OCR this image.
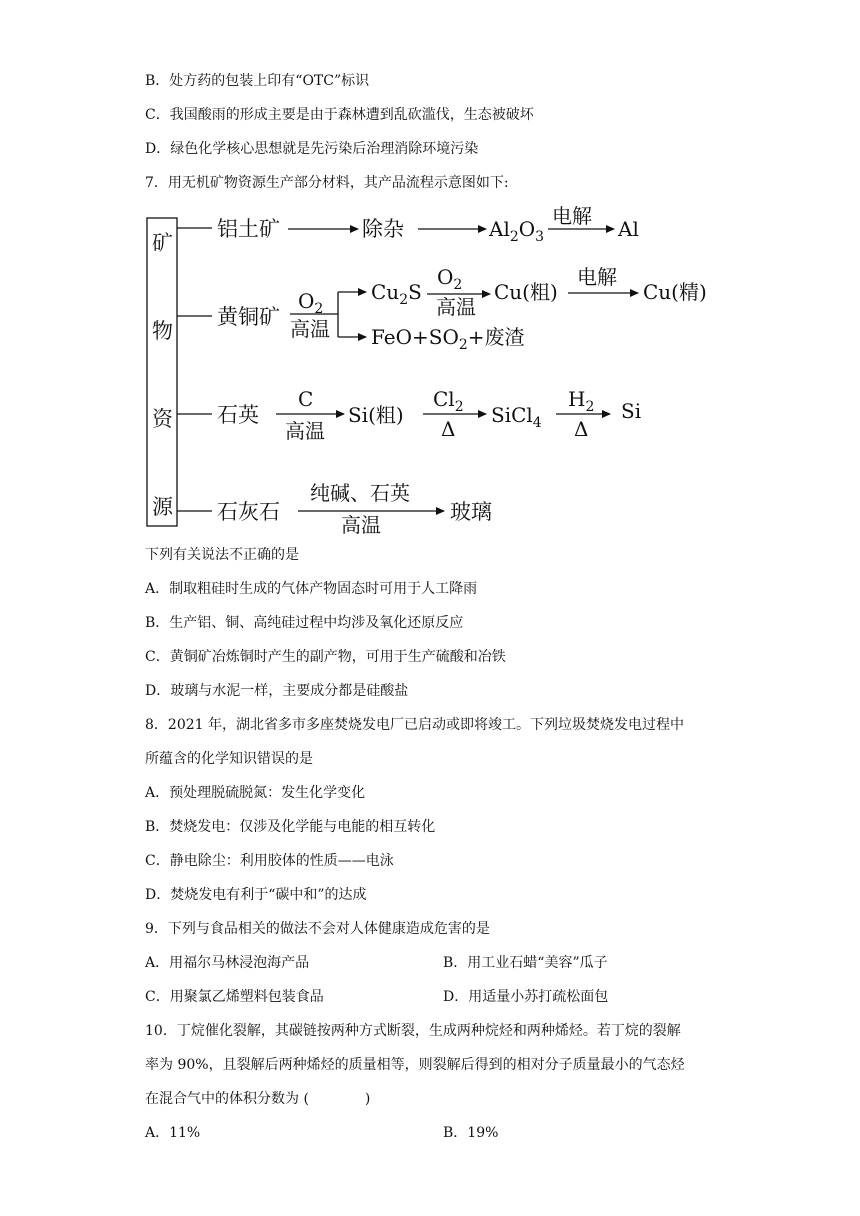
B．处方药的包装上印有“OTC”标识
C．我国酸雨的形成主要是由于森林遭到乱砍滥伐，生态被破坏
D．绿色化学核心思想就是先污染后治理消除环境污染
7．用无机矿物资源生产部分材料，其产品流程示意图如下:
矿
物
资
源
铝土矿	除杂	$Al_2O_3$
电解
Al
黄铜矿
$O_2$
高温
$Cu_2S$
$O_2$
高温
Cu(粗)
电解
Cu(精)
$FeO+SO_2+$废渣
石英
C
高温
Si(粗)
$Cl_2$
Δ
SiCl$_4$
$H_2$
Δ
Si
石灰石
纯碱、石英
高温
玻璃
下列有关说法不正确的是
A．制取粗硅时生成的气体产物固态时可用于人工降雨
B．生产铝、铜、高纯硅过程中均涉及氧化还原反应
C．黄铜矿冶炼铜时产生的副产物，可用于生产硫酸和冶铁
D．玻璃与水泥一样，主要成分都是硅酸盐
8．2021 年，湖北省多市多座焚烧发电厂已启动或即将竣工。下列垃圾焚烧发电过程中
所蕴含的化学知识错误的是
A．预处理脱硫脱氮：发生化学变化
B．焚烧发电：仅涉及化学能与电能的相互转化
C．静电除尘：利用胶体的性质——电泳
D．焚烧发电有利于“碳中和”的达成
9．下列与食品相关的做法不会对人体健康造成危害的是
A．用福尔马林浸泡海产品	B．用工业石蜡“美容”瓜子
C．用聚氯乙烯塑料包装食品	D．用适量小苏打疏松面包
10．丁烷催化裂解，其碳链按两种方式断裂，生成两种烷烃和两种烯烃。若丁烷的裂解
率为 90%，且裂解后两种烯烃的质量相等，则裂解后得到的相对分子质量最小的气态烃
在混合气中的体积分数为 (　　　　)
A．11%	B．19%
